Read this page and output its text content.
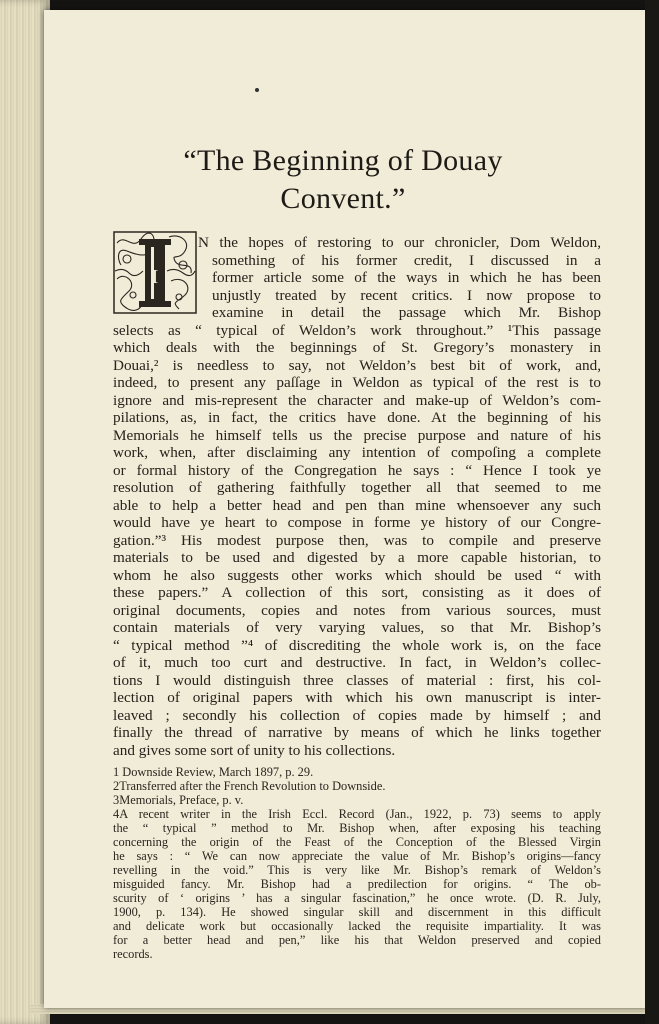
“The Beginning of Douay
Convent.”
I
N the hopes of restoring to our chronicler, Dom Weldon,
something of his former credit, I discussed in a
former article some of the ways in which he has been
unjustly treated by recent critics. I now propose to
examine in detail the passage which Mr. Bishop
selects as “ typical of Weldon’s work throughout.” ¹This passage
which deals with the beginnings of St. Gregory’s monastery in
Douai,² is needless to say, not Weldon’s best bit of work, and,
indeed, to present any paſſage in Weldon as typical of the rest is to
ignore and mis-represent the character and make-up of Weldon’s com-
pilations, as, in fact, the critics have done. At the beginning of his
Memorials he himself tells us the precise purpose and nature of his
work, when, after disclaiming any intention of compoſing a complete
or formal history of the Congregation he says : “ Hence I took ye
resolution of gathering faithfully together all that seemed to me
able to help a better head and pen than mine whensoever any such
would have ye heart to compose in forme ye history of our Congre-
gation.”³ His modest purpose then, was to compile and preserve
materials to be used and digested by a more capable historian, to
whom he also suggests other works which should be used “ with
these papers.” A collection of this sort, consisting as it does of
original documents, copies and notes from various sources, must
contain materials of very varying values, so that Mr. Bishop’s
“ typical method ”⁴ of discrediting the whole work is, on the face
of it, much too curt and destructive. In fact, in Weldon’s collec-
tions I would distinguish three classes of material : first, his col-
lection of original papers with which his own manuscript is inter-
leaved ; secondly his collection of copies made by himself ; and
finally the thread of narrative by means of which he links together
and gives some sort of unity to his collections.
1 Downside Review, March 1897, p. 29.
2Transferred after the French Revolution to Downside.
3Memorials, Preface, p. v.
4A recent writer in the Irish Eccl. Record (Jan., 1922, p. 73) seems to apply
the “ typical ” method to Mr. Bishop when, after exposing his teaching
concerning the origin of the Feast of the Conception of the Blessed Virgin
he says : “ We can now appreciate the value of Mr. Bishop’s origins—fancy
revelling in the void.” This is very like Mr. Bishop’s remark of Weldon’s
misguided fancy. Mr. Bishop had a predilection for origins. “ The ob-
scurity of ‘ origins ’ has a singular fascination,” he once wrote. (D. R. July,
1900, p. 134). He showed singular skill and discernment in this difficult
and delicate work but occasionally lacked the requisite impartiality. It was
for a better head and pen,” like his that Weldon preserved and copied
records.
